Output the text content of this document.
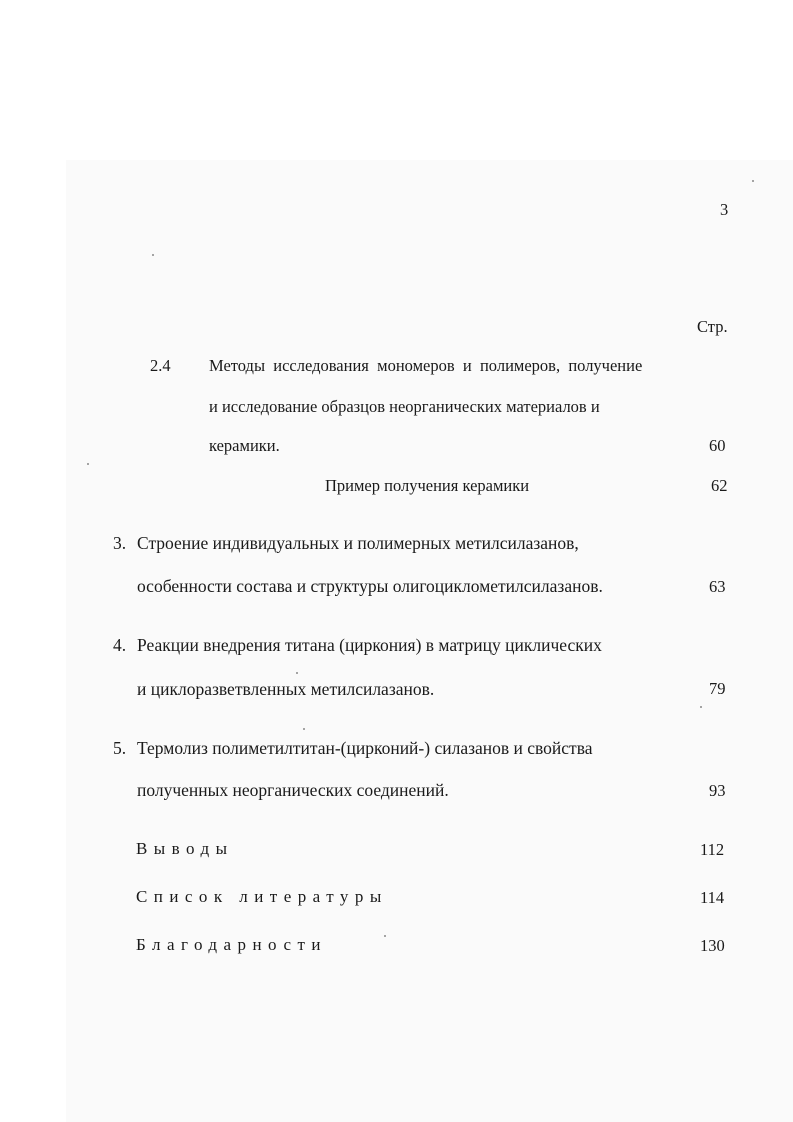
3
Стр.
2.4 Методы  исследования  мономеров  и  полимеров,  получение
и исследование образцов неорганических материалов и
керамики.	60
Пример получения керамики	62
3. Строение индивидуальных и полимерных метилсилазанов,
особенности состава и структуры олигоциклометилсилазанов.	63
4. Реакции внедрения титана (циркония) в матрицу циклических
и циклоразветвленных метилсилазанов.	79
5. Термолиз полиметилтитан-(цирконий-) силазанов и свойства
полученных неорганических соединений.	93
Выводы	112
Список литературы	114
Благодарности	130
